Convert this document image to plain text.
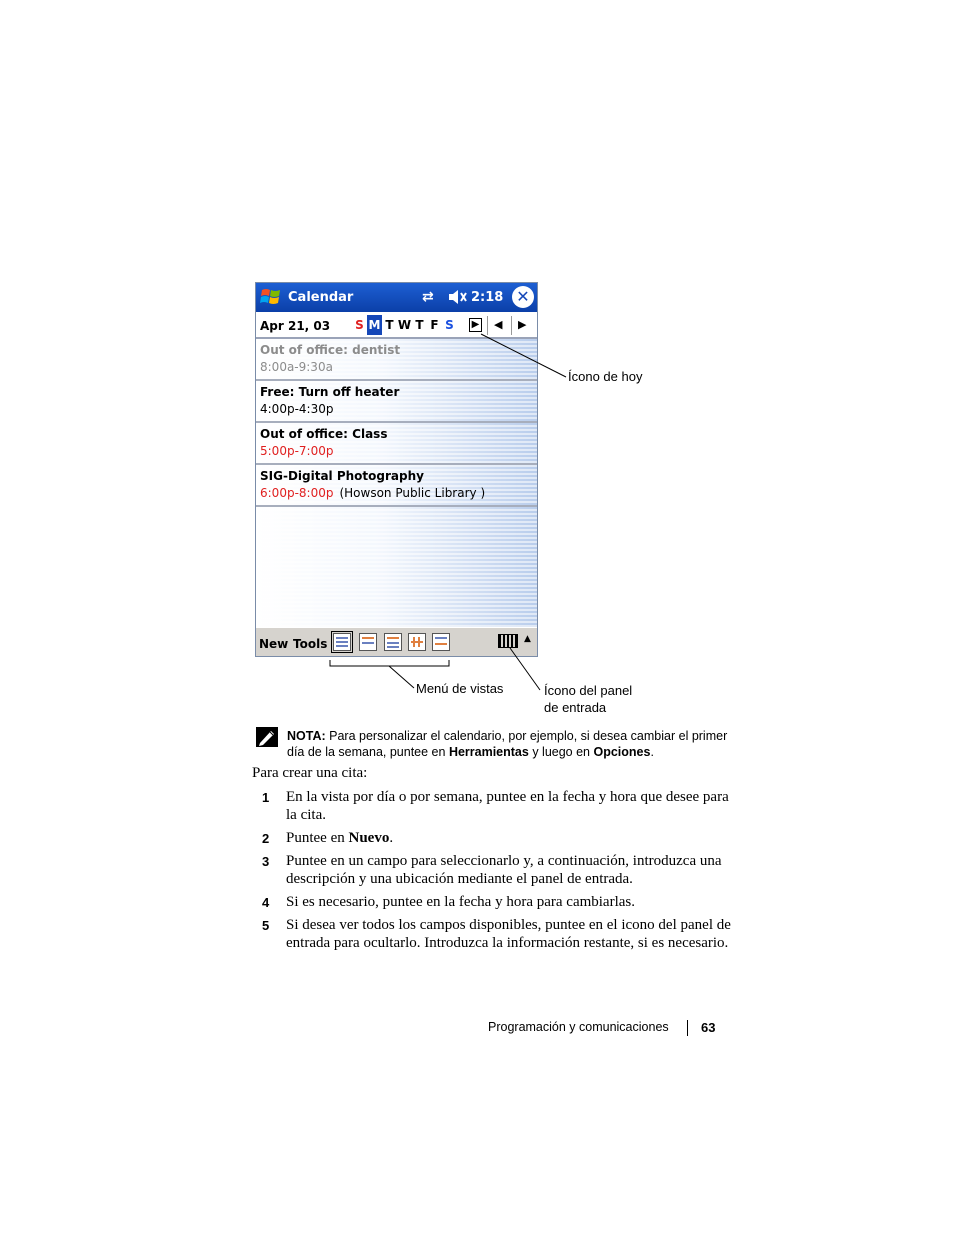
Calendar	⇄	2:18 ✕
Apr 21, 03 S M T W T F S	▶ ◀ ▶
Out of office: dentist
8:00a-9:30a
Free: Turn off heater
4:00p-4:30p
Out of office: Class
5:00p-7:00p
SIG-Digital Photography
6:00p-8:00p (Howson Public Library )
New Tools	▲
Ícono de hoy
Menú de vistas	Ícono del panel
de entrada
NOTA: Para personalizar el calendario, por ejemplo, si desea cambiar el primer día de la semana, puntee en Herramientas y luego en Opciones.
Para crear una cita:
1 En la vista por día o por semana, puntee en la fecha y hora que desee para la cita.
2 Puntee en Nuevo.
3 Puntee en un campo para seleccionarlo y, a continuación, introduzca una descripción y una ubicación mediante el panel de entrada.
4 Si es necesario, puntee en la fecha y hora para cambiarlas.
5 Si desea ver todos los campos disponibles, puntee en el icono del panel de entrada para ocultarlo. Introduzca la información restante, si es necesario.
Programación y comunicaciones 63
